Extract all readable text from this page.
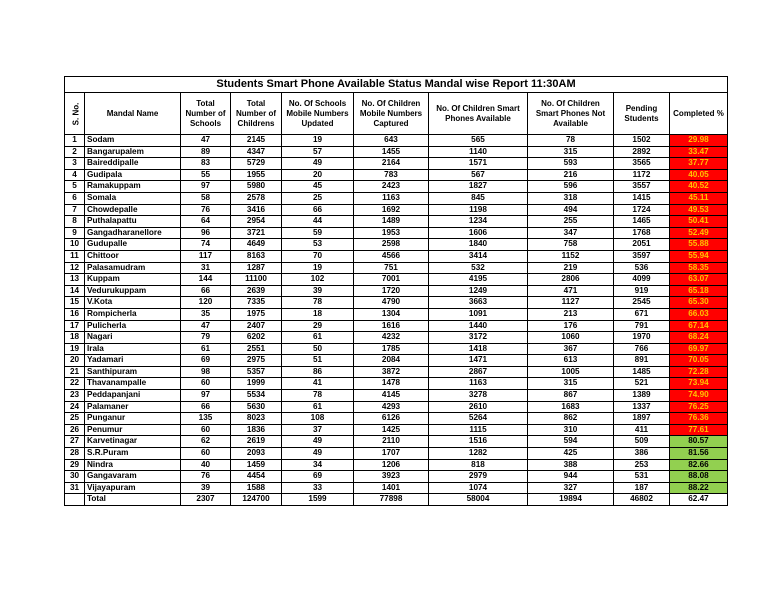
Students Smart Phone Available Status Mandal wise Report 11:30AM									
S. No.	Mandal Name	Total Number of Schools	Total Number of Childrens	No. Of Schools Mobile Numbers Updated	No. Of Children Mobile Numbers Captured	No. Of Children Smart Phones Available	No. Of Children Smart Phones Not Available	Pending Students	Completed %
1	Sodam	47	2145	19	643	565	78	1502	29.98
2	Bangarupalem	89	4347	57	1455	1140	315	2892	33.47
3	Baireddipalle	83	5729	49	2164	1571	593	3565	37.77
4	Gudipala	55	1955	20	783	567	216	1172	40.05
5	Ramakuppam	97	5980	45	2423	1827	596	3557	40.52
6	Somala	58	2578	25	1163	845	318	1415	45.11
7	Chowdepalle	76	3416	66	1692	1198	494	1724	49.53
8	Puthalapattu	64	2954	44	1489	1234	255	1465	50.41
9	Gangadharanellore	96	3721	59	1953	1606	347	1768	52.49
10	Gudupalle	74	4649	53	2598	1840	758	2051	55.88
11	Chittoor	117	8163	70	4566	3414	1152	3597	55.94
12	Palasamudram	31	1287	19	751	532	219	536	58.35
13	Kuppam	144	11100	102	7001	4195	2806	4099	63.07
14	Vedurukuppam	66	2639	39	1720	1249	471	919	65.18
15	V.Kota	120	7335	78	4790	3663	1127	2545	65.30
16	Rompicherla	35	1975	18	1304	1091	213	671	66.03
17	Pulicherla	47	2407	29	1616	1440	176	791	67.14
18	Nagari	79	6202	61	4232	3172	1060	1970	68.24
19	Irala	61	2551	50	1785	1418	367	766	69.97
20	Yadamari	69	2975	51	2084	1471	613	891	70.05
21	Santhipuram	98	5357	86	3872	2867	1005	1485	72.28
22	Thavanampalle	60	1999	41	1478	1163	315	521	73.94
23	Peddapanjani	97	5534	78	4145	3278	867	1389	74.90
24	Palamaner	66	5630	61	4293	2610	1683	1337	76.25
25	Punganur	135	8023	108	6126	5264	862	1897	76.36
26	Penumur	60	1836	37	1425	1115	310	411	77.61
27	Karvetinagar	62	2619	49	2110	1516	594	509	80.57
28	S.R.Puram	60	2093	49	1707	1282	425	386	81.56
29	Nindra	40	1459	34	1206	818	388	253	82.66
30	Gangavaram	76	4454	69	3923	2979	944	531	88.08
31	Vijayapuram	39	1588	33	1401	1074	327	187	88.22
	Total	2307	124700	1599	77898	58004	19894	46802	62.47
